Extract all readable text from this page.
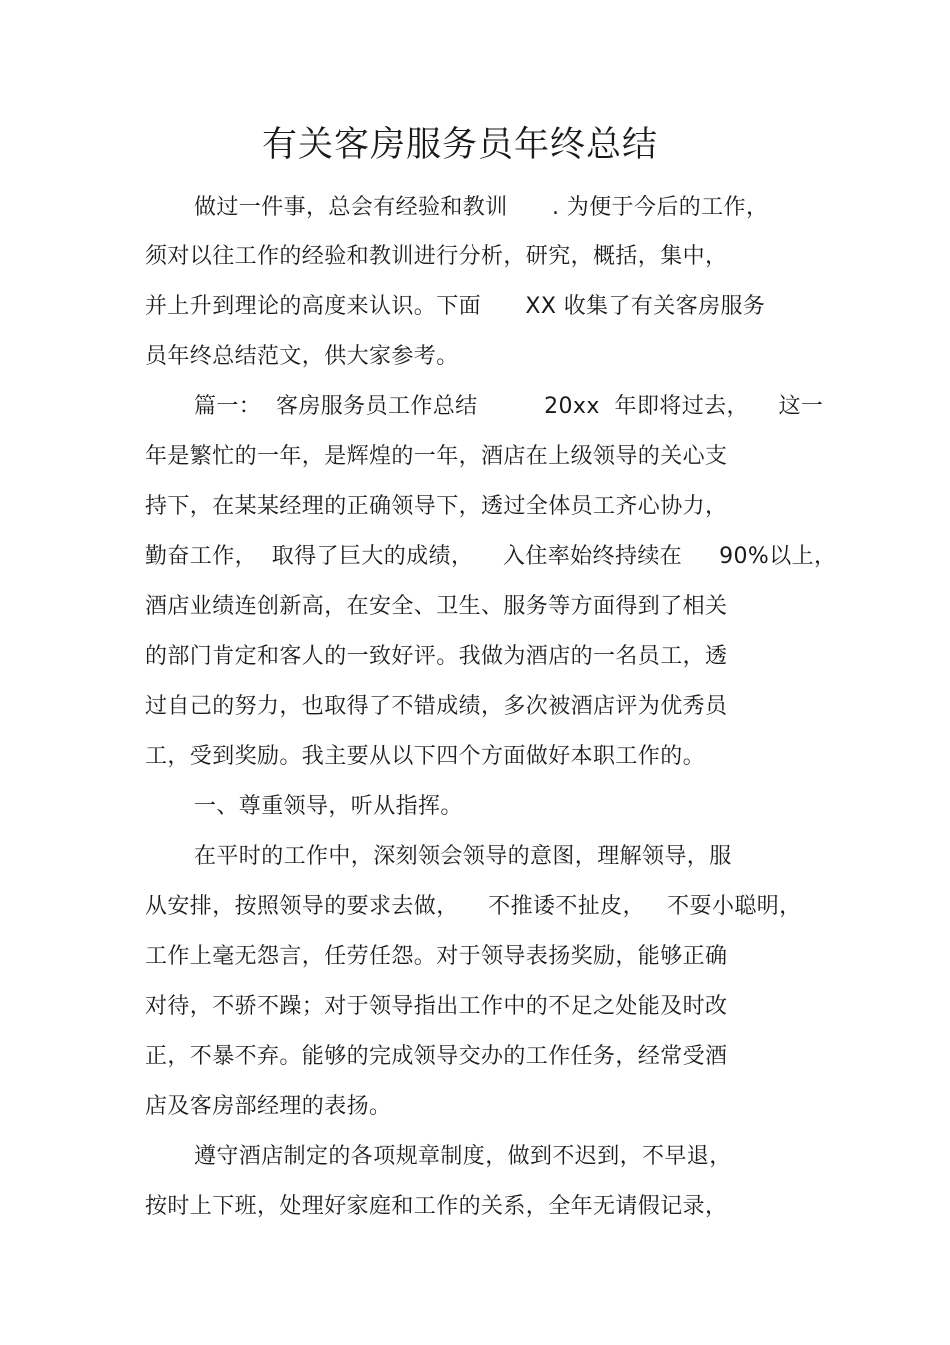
有关客房服务员年终总结
做过一件事，总会有经验和教训      . 为便于今后的工作，
须对以往工作的经验和教训进行分析，研究，概括，集中，
并上升到理论的高度来认识。下面      XX 收集了有关客房服务
员年终总结范文，供大家参考。
篇一：  客房服务员工作总结         20xx  年即将过去，    这一
年是繁忙的一年，是辉煌的一年，酒店在上级领导的关心支
持下，在某某经理的正确领导下，透过全体员工齐心协力，
勤奋工作，  取得了巨大的成绩，    入住率始终持续在     90%以上，
酒店业绩连创新高，在安全、卫生、服务等方面得到了相关
的部门肯定和客人的一致好评。我做为酒店的一名员工，透
过自己的努力，也取得了不错成绩，多次被酒店评为优秀员
工，受到奖励。我主要从以下四个方面做好本职工作的。
一、尊重领导，听从指挥。
在平时的工作中，深刻领会领导的意图，理解领导，服
从安排，按照领导的要求去做，    不推诿不扯皮，   不耍小聪明，
工作上毫无怨言，任劳任怨。对于领导表扬奖励，能够正确
对待，不骄不躁；对于领导指出工作中的不足之处能及时改
正，不暴不弃。能够的完成领导交办的工作任务，经常受酒
店及客房部经理的表扬。
遵守酒店制定的各项规章制度，做到不迟到，不早退，
按时上下班，处理好家庭和工作的关系，全年无请假记录，
